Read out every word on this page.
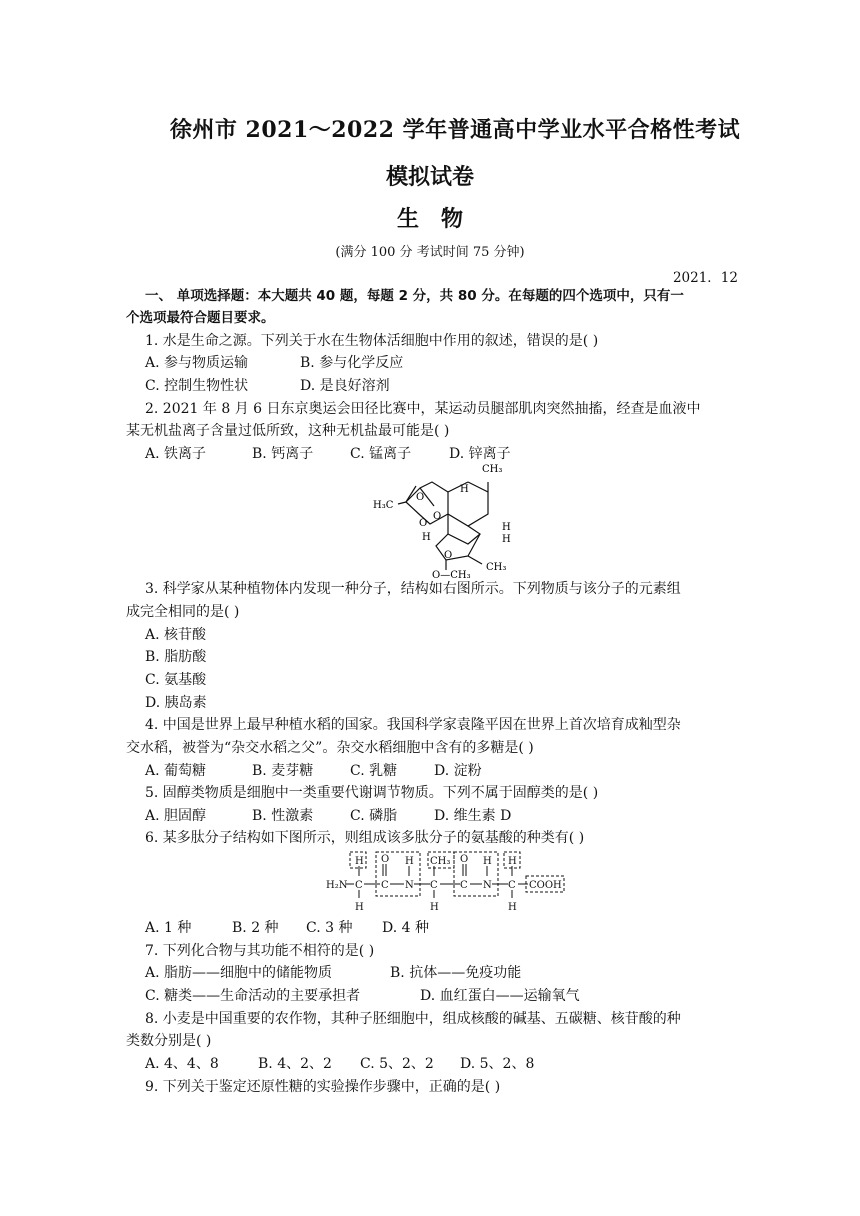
徐州市 2021～2022 学年普通高中学业水平合格性考试
模拟试卷
生物
(满分 100 分 考试时间 75 分钟)
2021．12
一、 单项选择题：本大题共 40 题，每题 2 分，共 80 分。在每题的四个选项中，只有一
个选项最符合题目要求。
1. 水是生命之源。下列关于水在生物体活细胞中作用的叙述，错误的是( )
A. 参与物质运输	B. 参与化学反应
C. 控制生物性状	D. 是良好溶剂
2. 2021 年 8 月 6 日东京奥运会田径比赛中，某运动员腿部肌肉突然抽搐，经查是血液中
某无机盐离子含量过低所致，这种无机盐最可能是( )
A. 铁离子	B. 钙离子	C. 锰离子	D. 锌离子
CH₃
H₃C
O
O
O
O
H
H
H
H
CH₃
O—CH₃
3. 科学家从某种植物体内发现一种分子，结构如右图所示。下列物质与该分子的元素组
成完全相同的是( )
A. 核苷酸
B. 脂肪酸
C. 氨基酸
D. 胰岛素
4. 中国是世界上最早种植水稻的国家。我国科学家袁隆平因在世界上首次培育成籼型杂
交水稻，被誉为“杂交水稻之父”。杂交水稻细胞中含有的多糖是( )
A. 葡萄糖	B. 麦芽糖	C. 乳糖	D. 淀粉
5. 固醇类物质是细胞中一类重要代谢调节物质。下列不属于固醇类的是( )
A. 胆固醇	B. 性激素	C. 磷脂	D. 维生素 D
6. 某多肽分子结构如下图所示，则组成该多肽分子的氨基酸的种类有( )
H₂N C
H
H
O
C
H
N
CH₃
C
H
O
C
H
N
H
C
H
COOH
A. 1 种	B. 2 种 C. 3 种 D. 4 种
7. 下列化合物与其功能不相符的是( )
A. 脂肪——细胞中的储能物质	B. 抗体——免疫功能
C. 糖类——生命活动的主要承担者	D. 血红蛋白——运输氧气
8. 小麦是中国重要的农作物，其种子胚细胞中，组成核酸的碱基、五碳糖、核苷酸的种
类数分别是( )
A. 4、4、8	B. 4、2、2 C. 5、2、2 D. 5、2、8
9. 下列关于鉴定还原性糖的实验操作步骤中，正确的是( )
